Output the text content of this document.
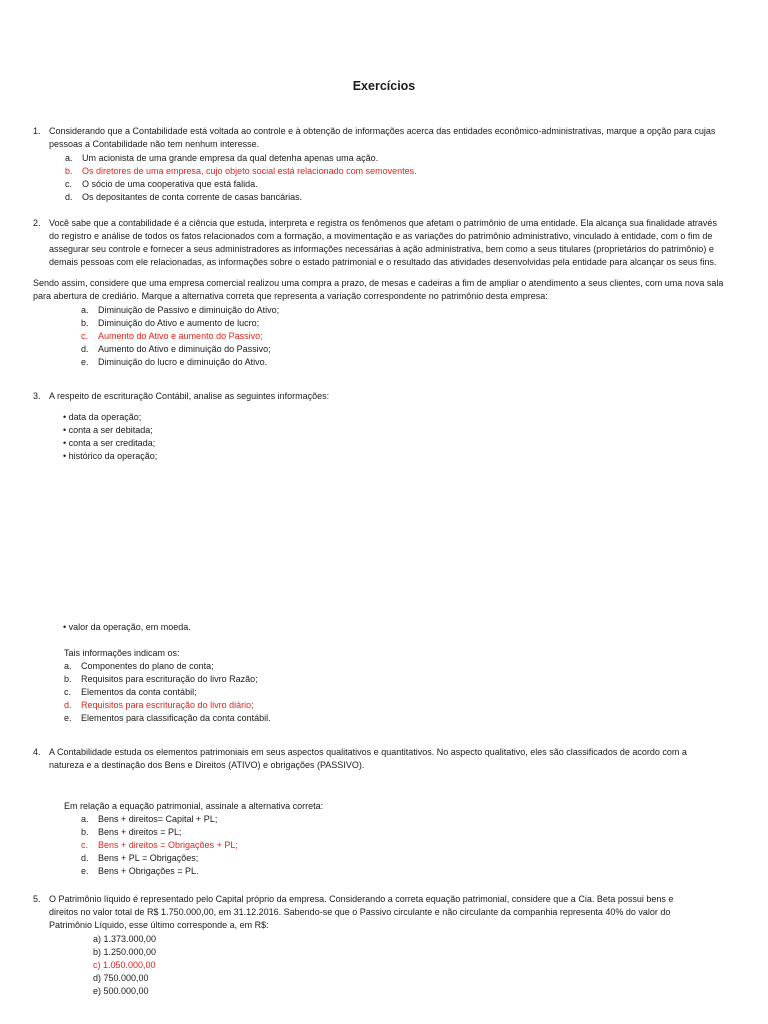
Exercícios
1. Considerando que a Contabilidade está voltada ao controle e à obtenção de informações acerca das entidades econômico-administrativas, marque a opção para cujas
pessoas a Contabilidade não tem nenhum interesse.
a. Um acionista de uma grande empresa da qual detenha apenas uma ação.
b. Os diretores de uma empresa, cujo objeto social está relacionado com semoventes.
c. O sócio de uma cooperativa que está falida.
d. Os depositantes de conta corrente de casas bancárias.
2. Você sabe que a contabilidade é a ciência que estuda, interpreta e registra os fenômenos que afetam o patrimônio de uma entidade. Ela alcança sua finalidade através
do registro e análise de todos os fatos relacionados com a formação, a movimentação e as variações do patrimônio administrativo, vinculado à entidade, com o fim de
assegurar seu controle e fornecer a seus administradores as informações necessárias à ação administrativa, bem como a seus titulares (proprietários do patrimônio) e
demais pessoas com ele relacionadas, as informações sobre o estado patrimonial e o resultado das atividades desenvolvidas pela entidade para alcançar os seus fins.
Sendo assim, considere que uma empresa comercial realizou uma compra a prazo, de mesas e cadeiras a fim de ampliar o atendimento a seus clientes, com uma nova sala
para abertura de crediário. Marque a alternativa correta que representa a variação correspondente no patrimônio desta empresa:
a. Diminuição de Passivo e diminuição do Ativo;
b. Diminuição do Ativo e aumento de lucro;
c. Aumento do Ativo e aumento do Passivo;
d. Aumento do Ativo e diminuição do Passivo;
e. Diminuição do lucro e diminuição do Ativo.
3. A respeito de escrituração Contábil, analise as seguintes informações:
• data da operação;
• conta a ser debitada;
• conta a ser creditada;
• histórico da operação;
• valor da operação, em moeda.
Tais informações indicam os:
a. Componentes do plano de conta;
b. Requisitos para escrituração do livro Razão;
c. Elementos da conta contábil;
d. Requisitos para escrituração do livro diário;
e. Elementos para classificação da conta contábil.
4. A Contabilidade estuda os elementos patrimoniais em seus aspectos qualitativos e quantitativos. No aspecto qualitativo, eles são classificados de acordo com a
natureza e a destinação dos Bens e Direitos (ATIVO) e obrigações (PASSIVO).
Em relação a equação patrimonial, assinale a alternativa correta:
a. Bens + direitos= Capital + PL;
b. Bens + direitos = PL;
c. Bens + direitos = Obrigações + PL;
d. Bens + PL = Obrigações;
e. Bens + Obrigações = PL.
5. O Patrimônio líquido é representado pelo Capital próprio da empresa. Considerando a correta equação patrimonial, considere que a Cia. Beta possui bens e
direitos no valor total de R$ 1.750.000,00, em 31.12.2016. Sabendo-se que o Passivo circulante e não circulante da companhia representa 40% do valor do
Patrimônio Líquido, esse último corresponde a, em R$:
a) 1.373.000,00
b) 1.250.000,00
c) 1.050.000,00
d) 750.000,00
e) 500.000,00
